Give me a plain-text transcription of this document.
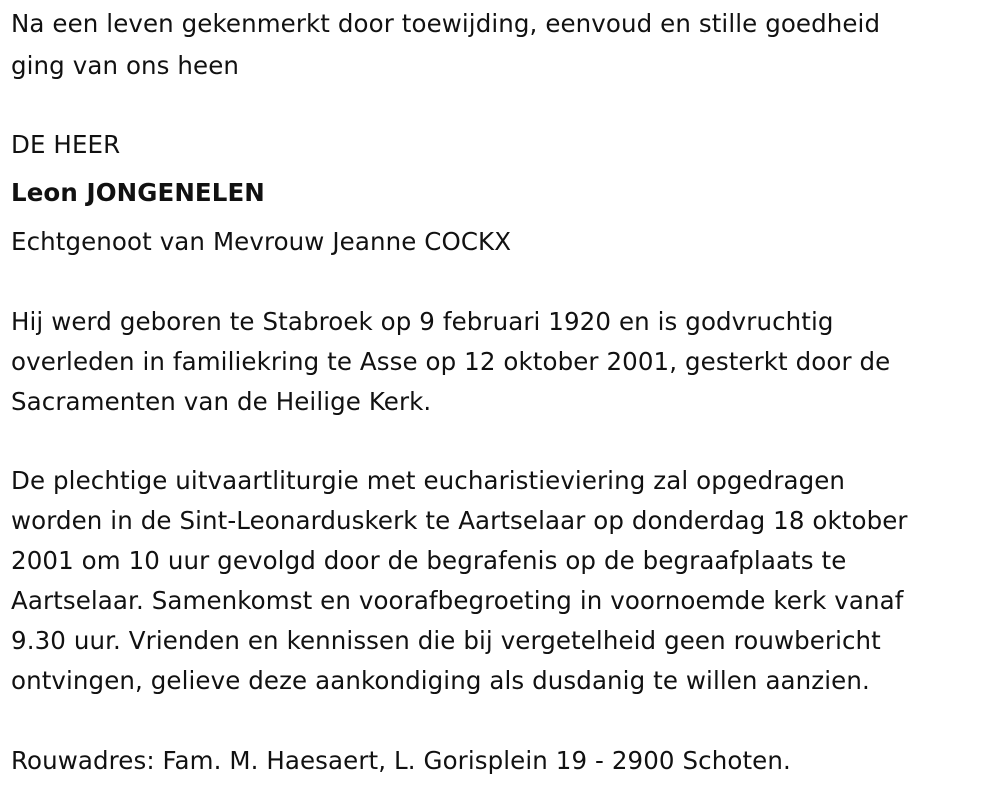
Na een leven gekenmerkt door toewijding, eenvoud en stille goedheid
ging van ons heen
DE HEER
Leon JONGENELEN
Echtgenoot van Mevrouw Jeanne COCKX
Hij werd geboren te Stabroek op 9 februari 1920 en is godvruchtig
overleden in familiekring te Asse op 12 oktober 2001, gesterkt door de
Sacramenten van de Heilige Kerk.
De plechtige uitvaartliturgie met eucharistieviering zal opgedragen
worden in de Sint-Leonarduskerk te Aartselaar op donderdag 18 oktober
2001 om 10 uur gevolgd door de begrafenis op de begraafplaats te
Aartselaar. Samenkomst en voorafbegroeting in voornoemde kerk vanaf
9.30 uur. Vrienden en kennissen die bij vergetelheid geen rouwbericht
ontvingen, gelieve deze aankondiging als dusdanig te willen aanzien.
Rouwadres: Fam. M. Haesaert, L. Gorisplein 19 - 2900 Schoten.
